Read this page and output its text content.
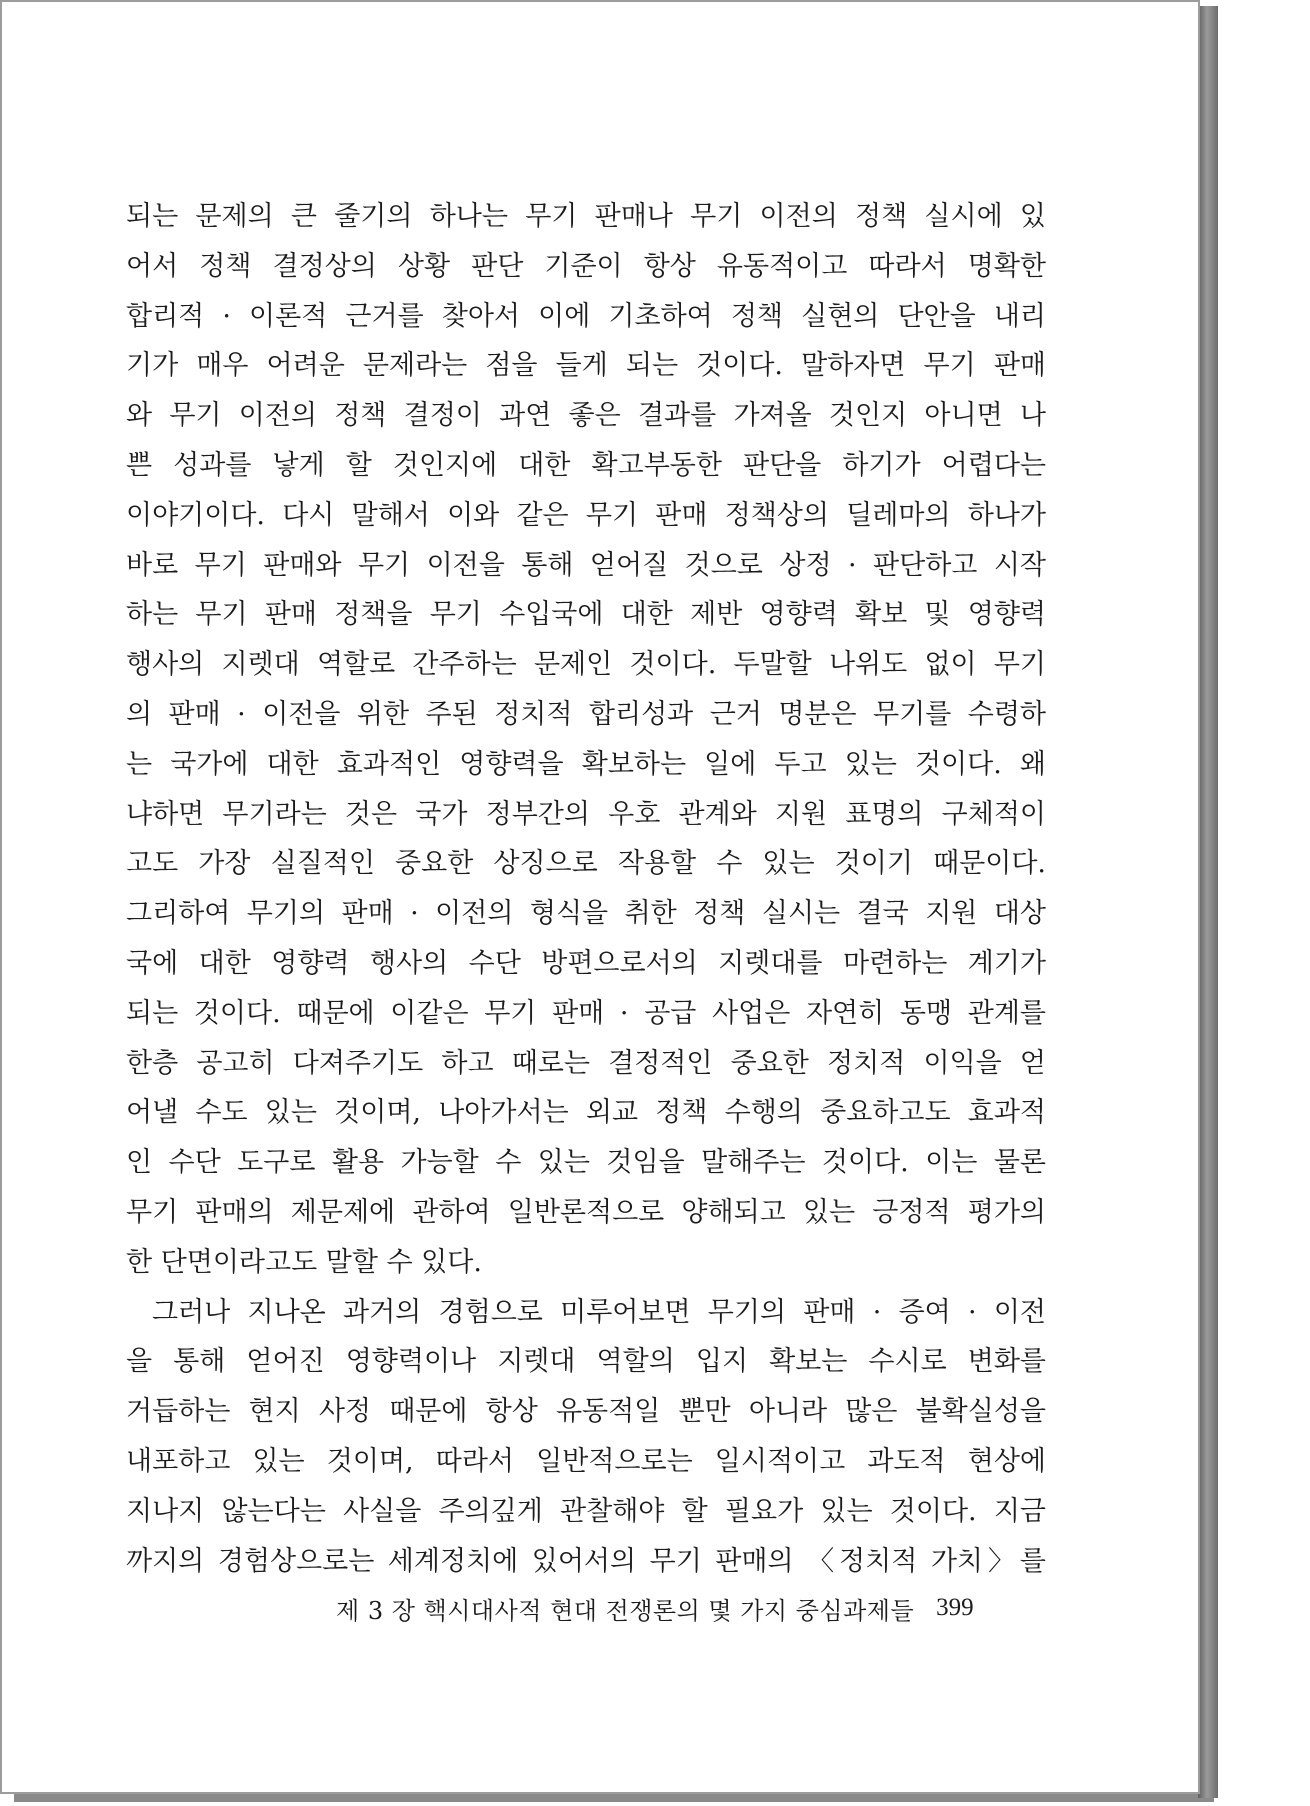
되는 문제의 큰 줄기의 하나는 무기 판매나 무기 이전의 정책 실시에 있
어서 정책 결정상의 상황 판단 기준이 항상 유동적이고 따라서 명확한
합리적 · 이론적 근거를 찾아서 이에 기초하여 정책 실현의 단안을 내리
기가 매우 어려운 문제라는 점을 들게 되는 것이다. 말하자면 무기 판매
와 무기 이전의 정책 결정이 과연 좋은 결과를 가져올 것인지 아니면 나
쁜 성과를 낳게 할 것인지에 대한 확고부동한 판단을 하기가 어렵다는
이야기이다. 다시 말해서 이와 같은 무기 판매 정책상의 딜레마의 하나가
바로 무기 판매와 무기 이전을 통해 얻어질 것으로 상정 · 판단하고 시작
하는 무기 판매 정책을 무기 수입국에 대한 제반 영향력 확보 및 영향력
행사의 지렛대 역할로 간주하는 문제인 것이다. 두말할 나위도 없이 무기
의 판매 · 이전을 위한 주된 정치적 합리성과 근거 명분은 무기를 수령하
는 국가에 대한 효과적인 영향력을 확보하는 일에 두고 있는 것이다. 왜
냐하면 무기라는 것은 국가 정부간의 우호 관계와 지원 표명의 구체적이
고도 가장 실질적인 중요한 상징으로 작용할 수 있는 것이기 때문이다.
그리하여 무기의 판매 · 이전의 형식을 취한 정책 실시는 결국 지원 대상
국에 대한 영향력 행사의 수단 방편으로서의 지렛대를 마련하는 계기가
되는 것이다. 때문에 이같은 무기 판매 · 공급 사업은 자연히 동맹 관계를
한층 공고히 다져주기도 하고 때로는 결정적인 중요한 정치적 이익을 얻
어낼 수도 있는 것이며, 나아가서는 외교 정책 수행의 중요하고도 효과적
인 수단 도구로 활용 가능할 수 있는 것임을 말해주는 것이다. 이는 물론
무기 판매의 제문제에 관하여 일반론적으로 양해되고 있는 긍정적 평가의
한 단면이라고도 말할 수 있다.
그러나 지나온 과거의 경험으로 미루어보면 무기의 판매 · 증여 · 이전
을 통해 얻어진 영향력이나 지렛대 역할의 입지 확보는 수시로 변화를
거듭하는 현지 사정 때문에 항상 유동적일 뿐만 아니라 많은 불확실성을
내포하고 있는 것이며, 따라서 일반적으로는 일시적이고 과도적 현상에
지나지 않는다는 사실을 주의깊게 관찰해야 할 필요가 있는 것이다. 지금
까지의 경험상으로는 세계정치에 있어서의 무기 판매의 〈정치적 가치〉를
제 3 장 핵시대사적 현대 전쟁론의 몇 가지 중심과제들 399
